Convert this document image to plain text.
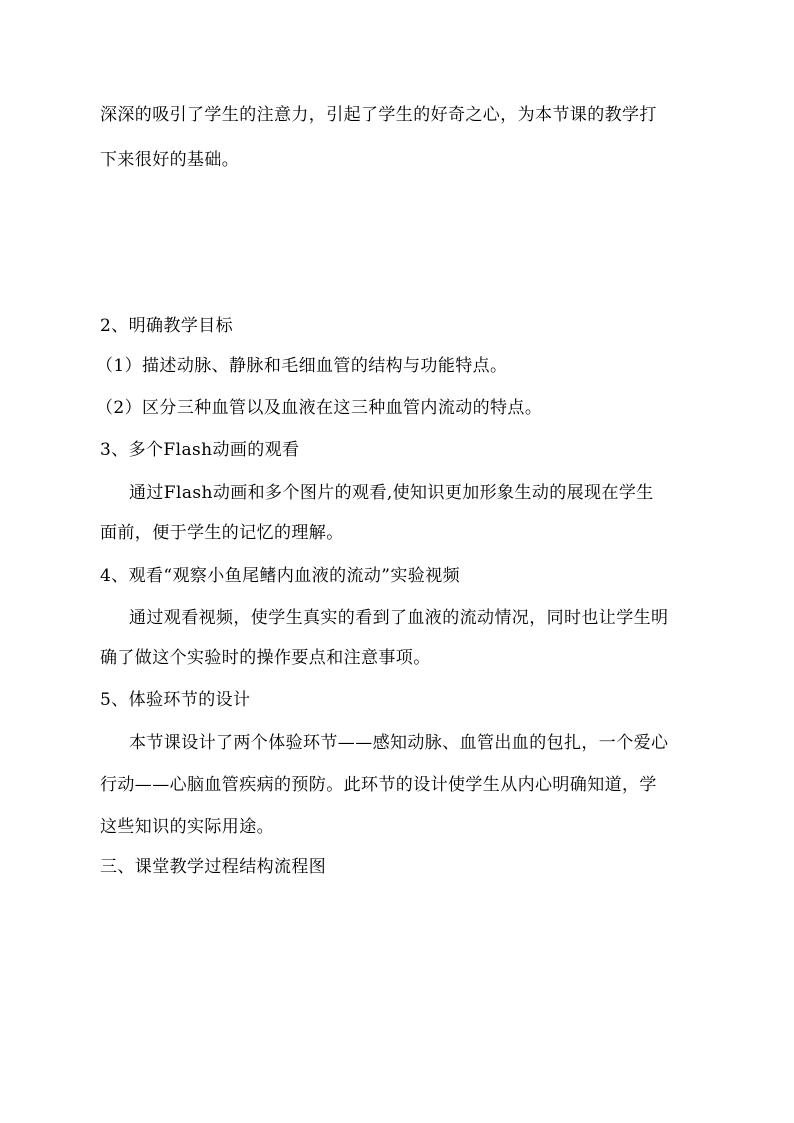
深深的吸引了学生的注意力，引起了学生的好奇之心，为本节课的教学打
下来很好的基础。
2、明确教学目标
（1）描述动脉、静脉和毛细血管的结构与功能特点。
（2）区分三种血管以及血液在这三种血管内流动的特点。
3、多个Flash动画的观看
通过Flash动画和多个图片的观看,使知识更加形象生动的展现在学生
面前，便于学生的记忆的理解。
4、观看“观察小鱼尾鳍内血液的流动”实验视频
通过观看视频，使学生真实的看到了血液的流动情况，同时也让学生明
确了做这个实验时的操作要点和注意事项。
5、体验环节的设计
本节课设计了两个体验环节——感知动脉、血管出血的包扎，一个爱心
行动——心脑血管疾病的预防。此环节的设计使学生从内心明确知道，学
这些知识的实际用途。
三、课堂教学过程结构流程图
